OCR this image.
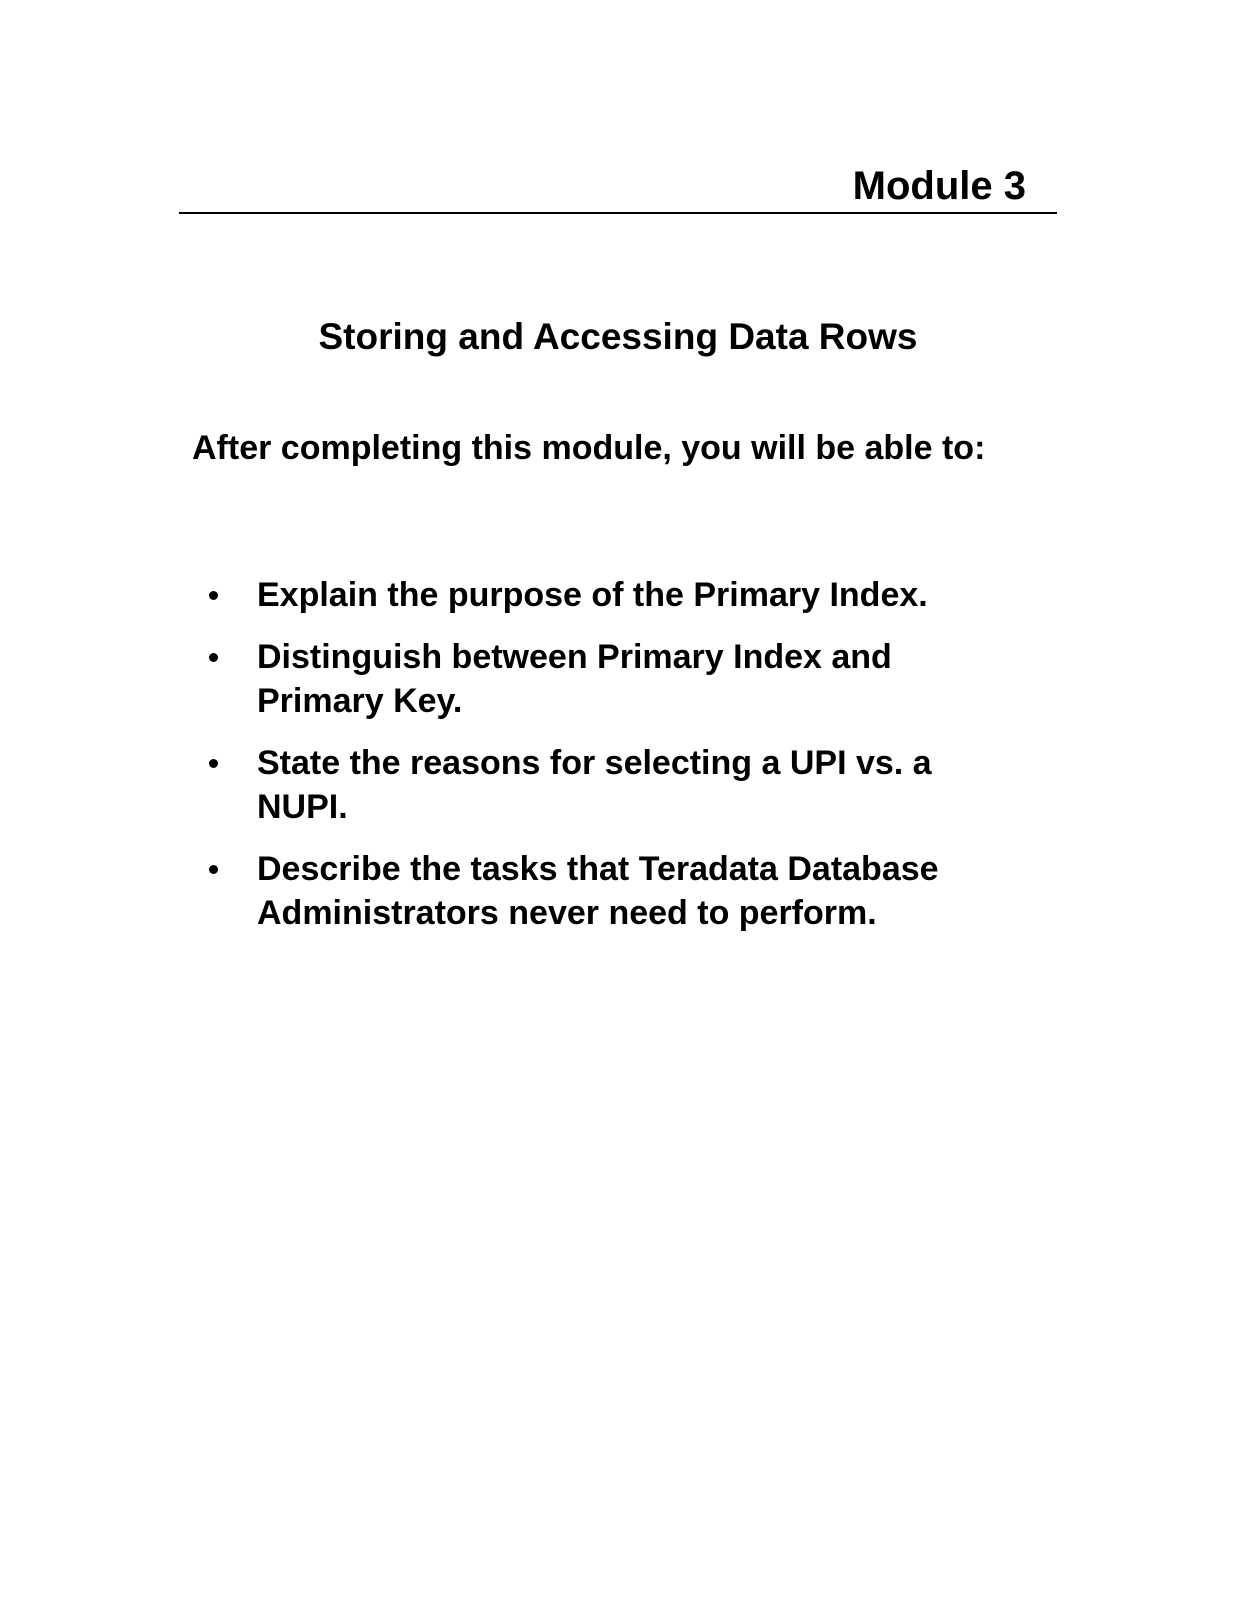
Module 3
Storing and Accessing Data Rows

After completing this module, you will be able to:

Explain the purpose of the Primary Index.
Distinguish between Primary Index and Primary Key.
State the reasons for selecting a UPI vs. a NUPI.
Describe the tasks that Teradata Database Administrators never need to perform.
